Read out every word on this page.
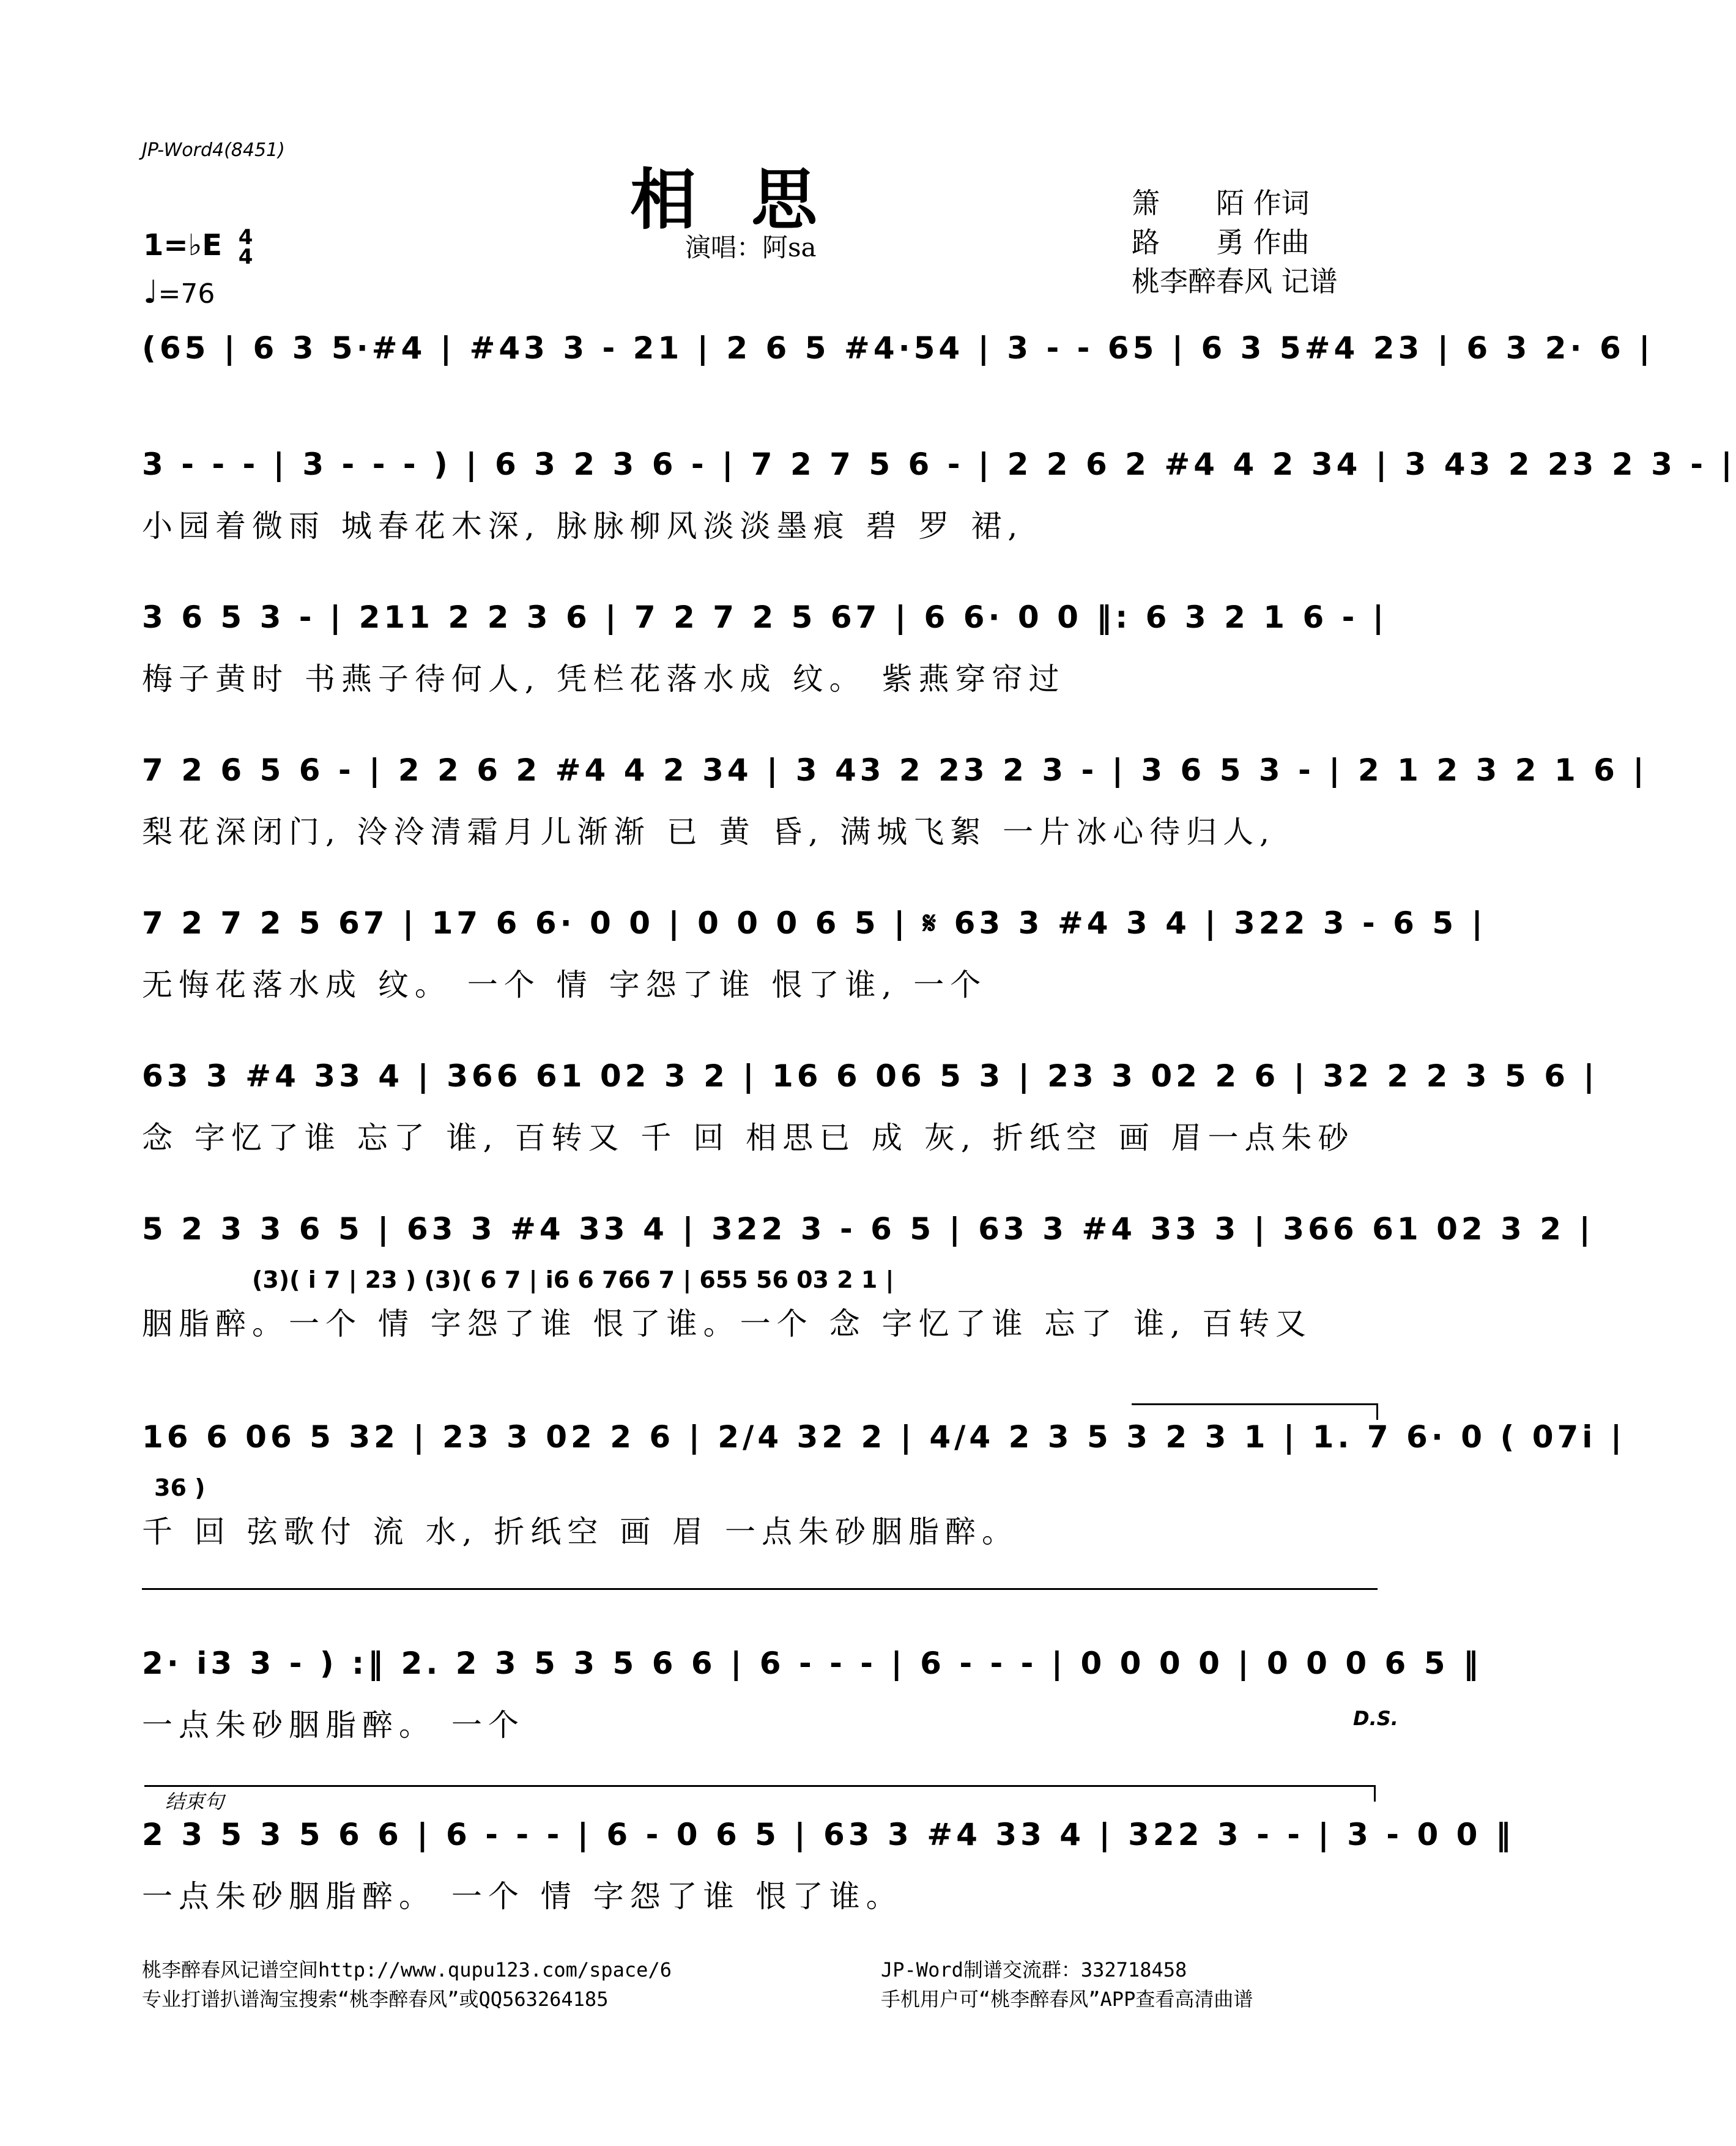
JP-Word4(8451)
相思
演唱：阿sa
箫　　陌 作词
路　　勇 作曲
桃李醉春风 记谱
1=♭E 4
4
♩=76
(65 | 6 3 5·#4 | #43 3 - 21 | 2 6 5 #4·54 | 3 - - 65 | 6 3 5#4 23 | 6 3 2· 6 |
3 - - - | 3 - - - ) | 6 3 2 3 6 - | 7 2 7 5 6 - | 2 2 6 2 #4 4 2 34 | 3 43 2 23 2 3 - |
小园着微雨 城春花木深, 脉脉柳风淡淡墨痕 碧 罗 裙,
3 6 5 3 - | 211 2 2 3 6 | 7 2 7 2 5 67 | 6 6· 0 0 ‖: 6 3 2 1 6 - |
梅子黄时 书燕子待何人, 凭栏花落水成 纹。 紫燕穿帘过
7 2 6 5 6 - | 2 2 6 2 #4 4 2 34 | 3 43 2 23 2 3 - | 3 6 5 3 - | 2 1 2 3 2 1 6 |
梨花深闭门, 泠泠清霜月儿渐渐 已 黄 昏, 满城飞絮 一片冰心待归人,
7 2 7 2 5 67 | 17 6 6· 0 0 | 0 0 0 6 5 | 𝄋 63 3 #4 3 4 | 322 3 - 6 5 |
无悔花落水成 纹。 一个 情 字怨了谁 恨了谁, 一个
63 3 #4 33 4 | 366 61 02 3 2 | 16 6 06 5 3 | 23 3 02 2 6 | 32 2 2 3 5 6 |
念 字忆了谁 忘了 谁, 百转又 千 回 相思已 成 灰, 折纸空 画 眉一点朱砂
5 2 3 3 6 5 | 63 3 #4 33 4 | 322 3 - 6 5 | 63 3 #4 33 3 | 366 61 02 3 2 |
(3)( i 7 | 23 ) (3)( 6 7 | i6 6 766 7 | 655 56 03 2 1 |
胭脂醉。一个 情 字怨了谁 恨了谁。一个 念 字忆了谁 忘了 谁, 百转又
16 6 06 5 32 | 23 3 02 2 6 | 2/4 32 2 | 4/4 2 3 5 3 2 3 1 | 1. 7 6· 0 ( 07i |
36 )
千 回 弦歌付 流 水, 折纸空 画 眉 一点朱砂胭脂醉。
2· i3 3 - ) :‖ 2. 2 3 5 3 5 6 6 | 6 - - - | 6 - - - | 0 0 0 0 | 0 0 0 6 5 ‖
一点朱砂胭脂醉。 一个	D.S.
结束句
2 3 5 3 5 6 6 | 6 - - - | 6 - 0 6 5 | 63 3 #4 33 4 | 322 3 - - | 3 - 0 0 ‖
一点朱砂胭脂醉。 一个 情 字怨了谁 恨了谁。
桃李醉春风记谱空间http://www.qupu123.com/space/6
专业打谱扒谱淘宝搜索“桃李醉春风”或QQ563264185
JP-Word制谱交流群：332718458
手机用户可“桃李醉春风”APP查看高清曲谱
